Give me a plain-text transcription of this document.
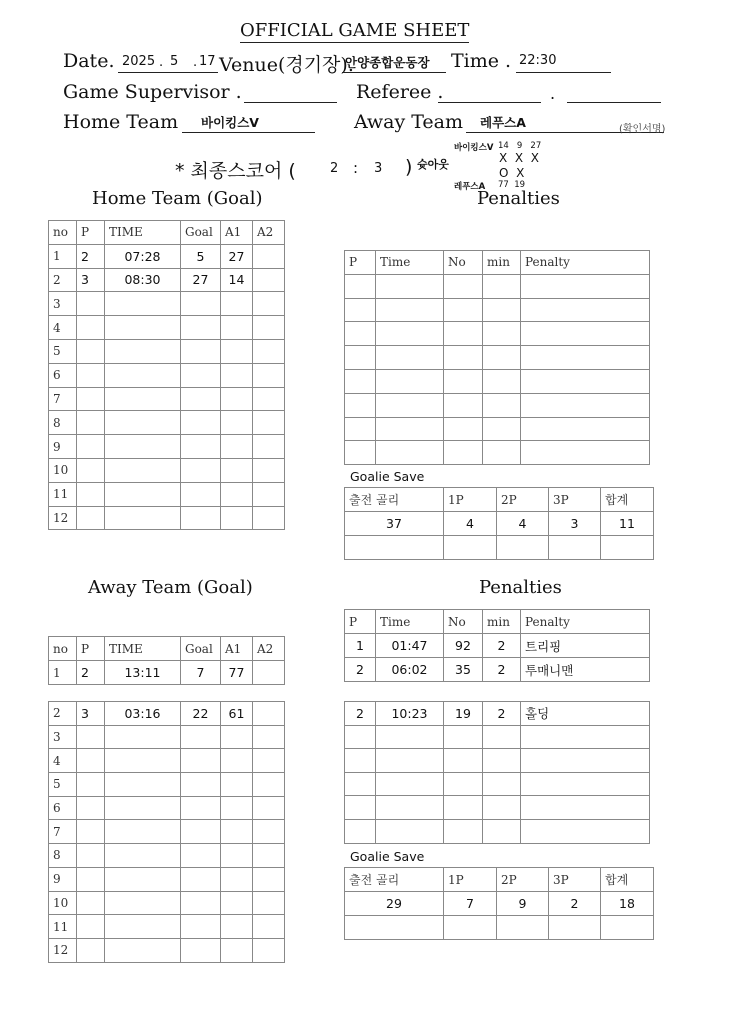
OFFICIAL GAME SHEET
Date. 2025 . 5 . 17 Venue(경기장).
안양종합운동장 Time . 22:30
Game Supervisor .	Referee .	.
Home Team 바이킹스V	Away Team 레푸스A	(확인서명)
* 최종스코어 (	2 : 3 ) 슛아웃
바이킹스V 14   9   27
X  X  X
O  X
레푸스A 77  19
Home Team (Goal)	Penalties
Away Team (Goal)	Penalties
Goalie Save
Goalie Save
no	P	TIME	Goal	A1	A2
1	2	07:28	5	27	
2	3	08:30	27	14	
3					
4					
5					
6					
7					
8					
9					
10					
11					
12					
P	Time	No	min	Penalty

출전 골리	1P	2P	3P	합계
37	4	4	3	11

no	P	TIME	Goal	A1	A2
1	2	13:11	7	77	
2	3	03:16	22	61	
3					
4					
5					
6					
7					
8					
9					
10					
11					
12					
P	Time	No	min	Penalty
1	01:47	92	2	트리핑
2	06:02	35	2	투매니맨
2	10:23	19	2	홀딩

출전 골리	1P	2P	3P	합계
29	7	9	2	18
